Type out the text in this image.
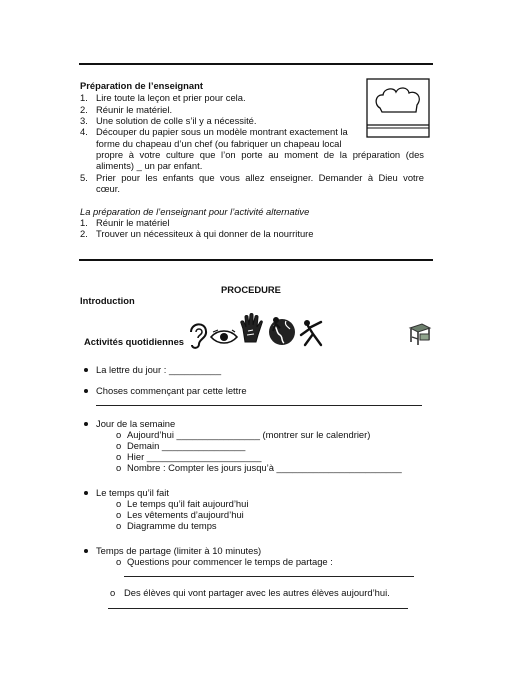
Préparation de l’enseignant
1. Lire toute la leçon et prier pour cela.
2. Réunir le matériel.
3. Une solution de colle s’il y a nécessité.
4. Découper du papier sous un modèle montrant exactement la
forme du chapeau d’un chef (ou fabriquer un chapeau local
propre à votre culture que l’on porte au moment de la préparation (des
aliments) _ un par enfant.
5. Prier pour les enfants que vous allez enseigner. Demander à Dieu votre
cœur.
La préparation de l’enseignant pour l’activité alternative
1. Réunir le matériel
2. Trouver un nécessiteux à qui donner de la nourriture
PROCEDURE
Introduction
Activités quotidiennes
La lettre du jour : __________
Choses commençant par cette lettre
Jour de la semaine
o Aujourd’hui ________________ (montrer sur le calendrier)
o Demain ________________
o Hier ______________________
o Nombre : Compter les jours jusqu’à ________________________
Le temps qu’il fait
o Le temps qu’il fait aujourd’hui
o Les vêtements d’aujourd’hui
o Diagramme du temps
Temps de partage (limiter à 10 minutes)
o Questions pour commencer le temps de partage :
o Des élèves qui vont partager avec les autres élèves aujourd’hui.
